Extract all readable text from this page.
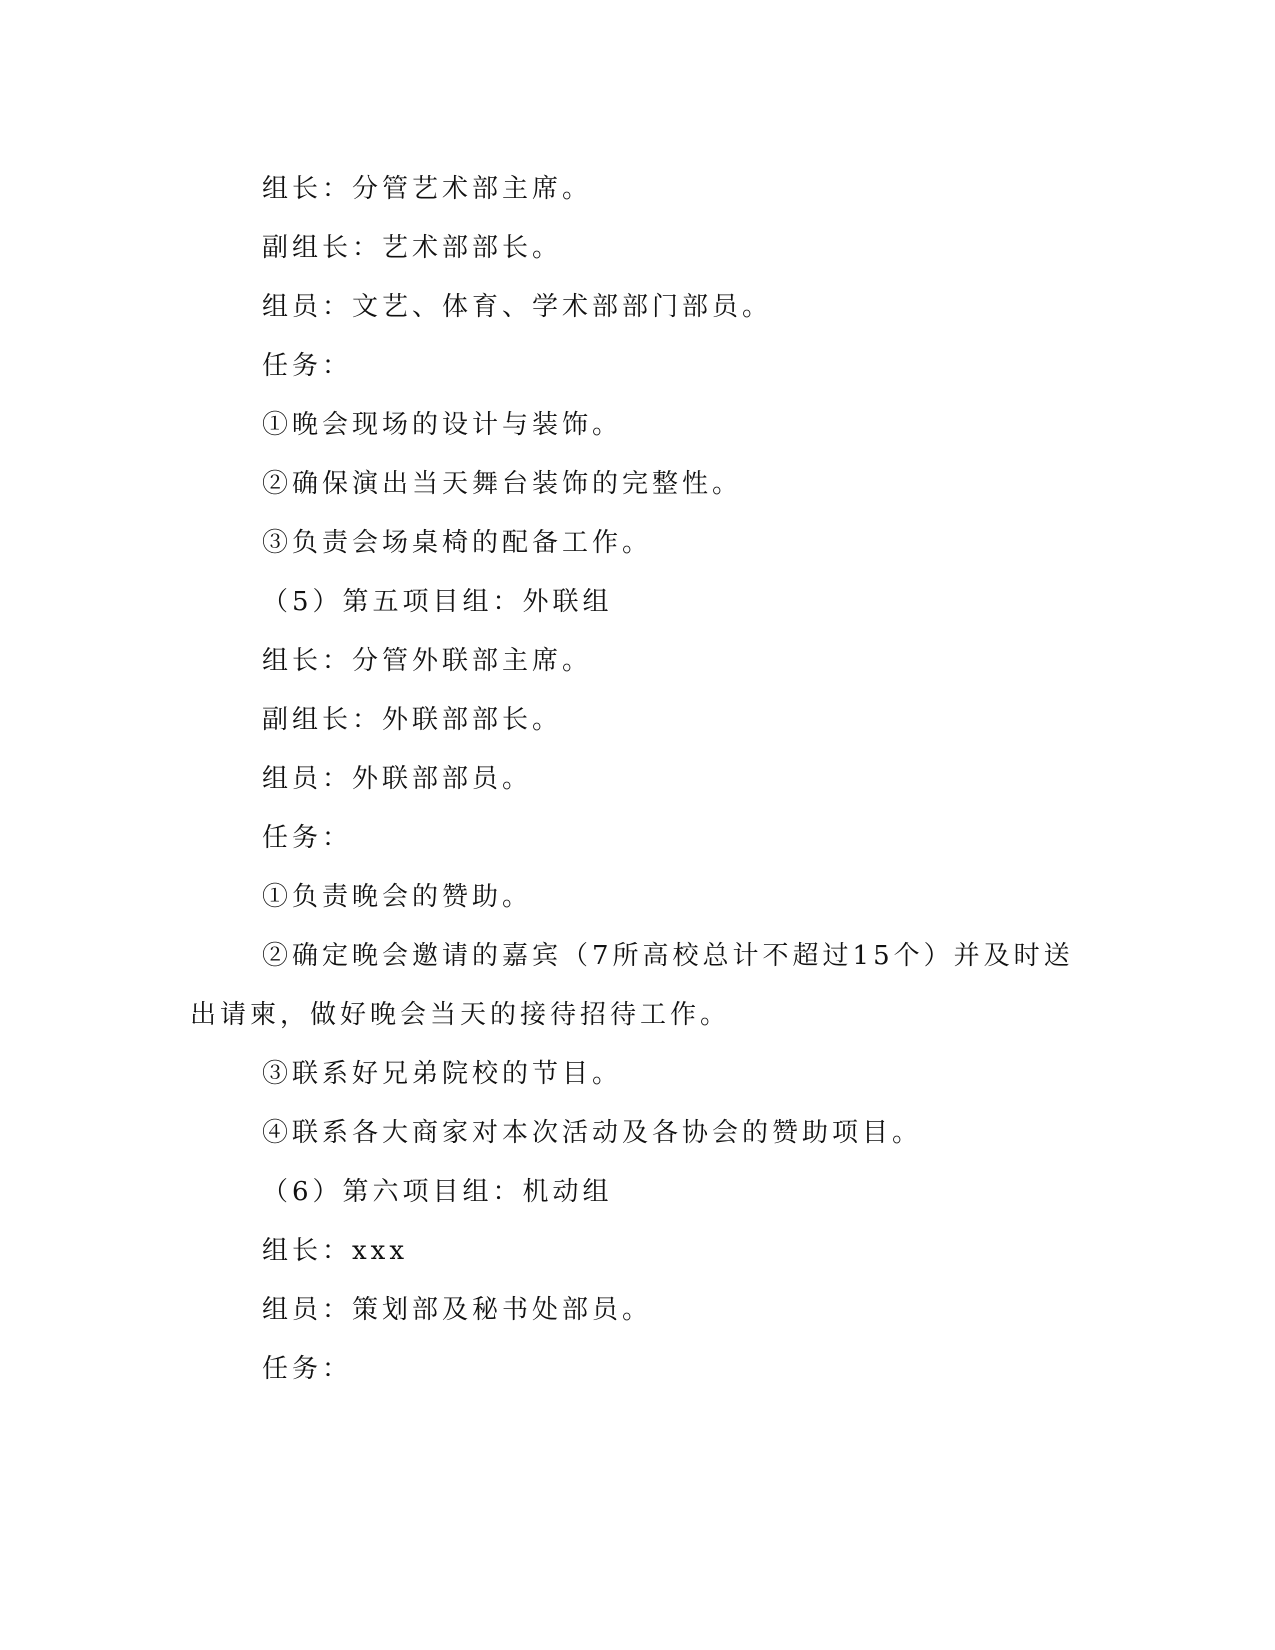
组长：分管艺术部主席。
副组长：艺术部部长。
组员：文艺、体育、学术部部门部员。
任务：
①晚会现场的设计与装饰。
②确保演出当天舞台装饰的完整性。
③负责会场桌椅的配备工作。
（5）第五项目组：外联组
组长：分管外联部主席。
副组长：外联部部长。
组员：外联部部员。
任务：
①负责晚会的赞助。
②确定晚会邀请的嘉宾（7所高校总计不超过15个）并及时送
出请柬，做好晚会当天的接待招待工作。
③联系好兄弟院校的节目。
④联系各大商家对本次活动及各协会的赞助项目。
（6）第六项目组：机动组
组长：xxx
组员：策划部及秘书处部员。
任务：
